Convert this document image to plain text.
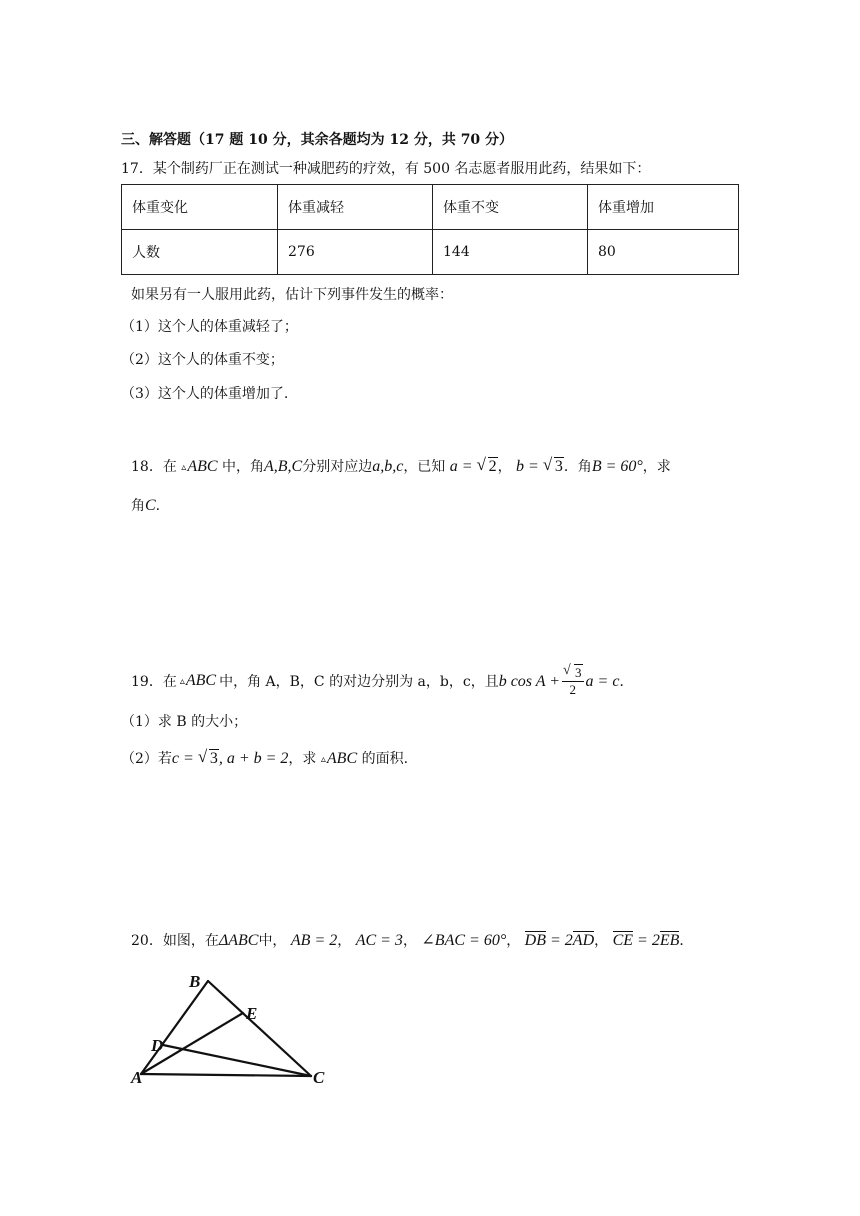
三、解答题（17 题 10 分，其余各题均为 12 分，共 70 分）
17．某个制药厂正在测试一种减肥药的疗效，有 500 名志愿者服用此药，结果如下：
体重变化	体重减轻	体重不变	体重增加
人数	276	144	80
如果另有一人服用此药，估计下列事件发生的概率：
（1）这个人的体重减轻了；
（2）这个人的体重不变；
（3）这个人的体重增加了.
18．在 ▵ABC 中，角A,B,C分别对应边a,b,c，已知 a = √ 2， b = √ 3．角B = 60°，求
角C.
19．在 ▵ABC 中，角 A，B，C 的对边分别为 a，b，c，且 b $\cos A + \frac{√ 3}{2}$ a = c ．
（1）求 B 的大小；
（2）若c = √ 3, a + b = 2，求 ▵ABC 的面积.
20．如图，在ΔABC中， AB = 2， AC = 3， ∠BAC = 60°， DB = 2AD， CE = 2EB．
B
E
D
A	C
